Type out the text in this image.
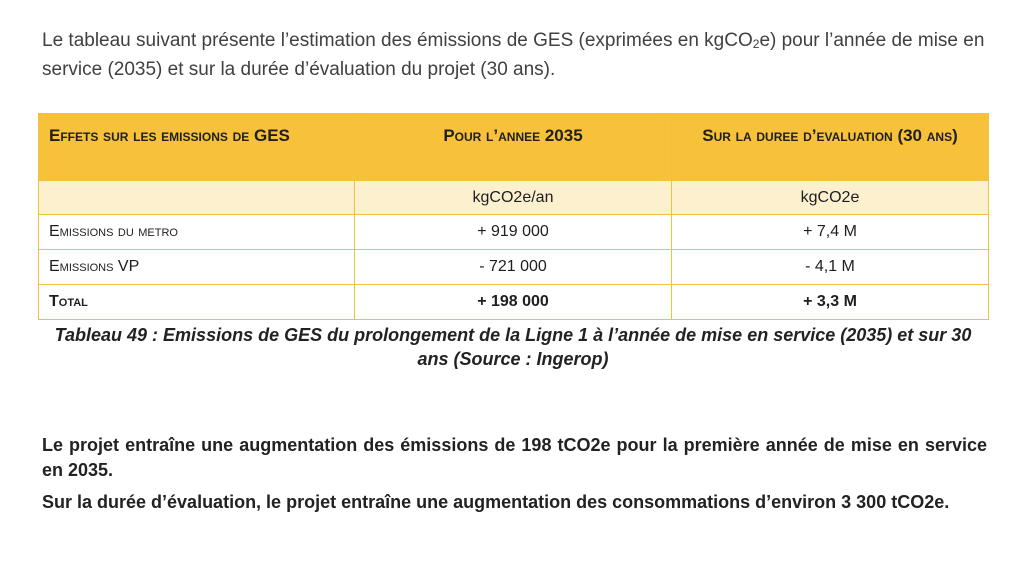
Le tableau suivant présente l’estimation des émissions de GES (exprimées en kgCO$_2$e) pour l’année de mise en service (2035) et sur la durée d’évaluation du projet (30 ans).

Effets sur les emissions de GES	Pour l’annee 2035	Sur la duree d’evaluation (30 ans)
	kgCO2e/an	kgCO2e
Emissions du metro	+ 919 000	+ 7,4 M
Emissions VP	- 721 000	- 4,1 M
Total	+ 198 000	+ 3,3 M

Tableau 49 : Emissions de GES du prolongement de la Ligne 1 à l’année de mise en service (2035) et sur 30 ans (Source : Ingerop)

Le projet entraîne une augmentation des émissions de 198 tCO2e pour la première année de mise en service en 2035.

Sur la durée d’évaluation, le projet entraîne une augmentation des consommations d’environ 3 300 tCO2e.
